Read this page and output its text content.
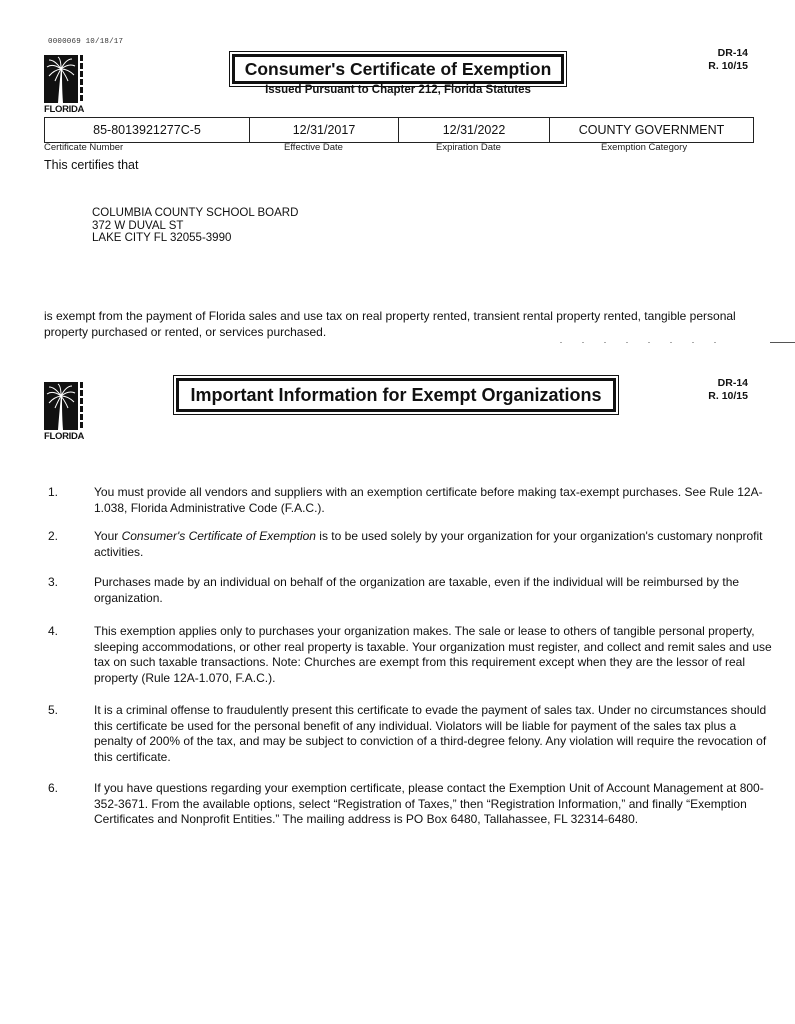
0000069 10/18/17
FLORIDA
Consumer's Certificate of Exemption
Issued Pursuant to Chapter 212, Florida Statutes
DR-14
R. 10/15
85-8013921277C-5	12/31/2017	12/31/2022	COUNTY GOVERNMENT
Certificate Number	Effective Date	Expiration Date	Exemption Category
This certifies that
COLUMBIA COUNTY SCHOOL BOARD
372 W DUVAL ST
LAKE CITY FL 32055-3990
is exempt from the payment of Florida sales and use tax on real property rented, transient rental property rented, tangible personal property purchased or rented, or services purchased.
FLORIDA
Important Information for Exempt Organizations
DR-14
R. 10/15
1.	You must provide all vendors and suppliers with an exemption certificate before making tax-exempt purchases. See Rule 12A-1.038, Florida Administrative Code (F.A.C.).
2.	Your Consumer's Certificate of Exemption is to be used solely by your organization for your organization's customary nonprofit activities.
3.	Purchases made by an individual on behalf of the organization are taxable, even if the individual will be reimbursed by the organization.
4.	This exemption applies only to purchases your organization makes. The sale or lease to others of tangible personal property, sleeping accommodations, or other real property is taxable. Your organization must register, and collect and remit sales and use tax on such taxable transactions. Note: Churches are exempt from this requirement except when they are the lessor of real property (Rule 12A-1.070, F.A.C.).
5.	It is a criminal offense to fraudulently present this certificate to evade the payment of sales tax. Under no circumstances should this certificate be used for the personal benefit of any individual. Violators will be liable for payment of the sales tax plus a penalty of 200% of the tax, and may be subject to conviction of a third-degree felony. Any violation will require the revocation of this certificate.
6.	If you have questions regarding your exemption certificate, please contact the Exemption Unit of Account Management at 800-352-3671. From the available options, select “Registration of Taxes,” then “Registration Information,” and finally “Exemption Certificates and Nonprofit Entities.” The mailing address is PO Box 6480, Tallahassee, FL 32314-6480.
